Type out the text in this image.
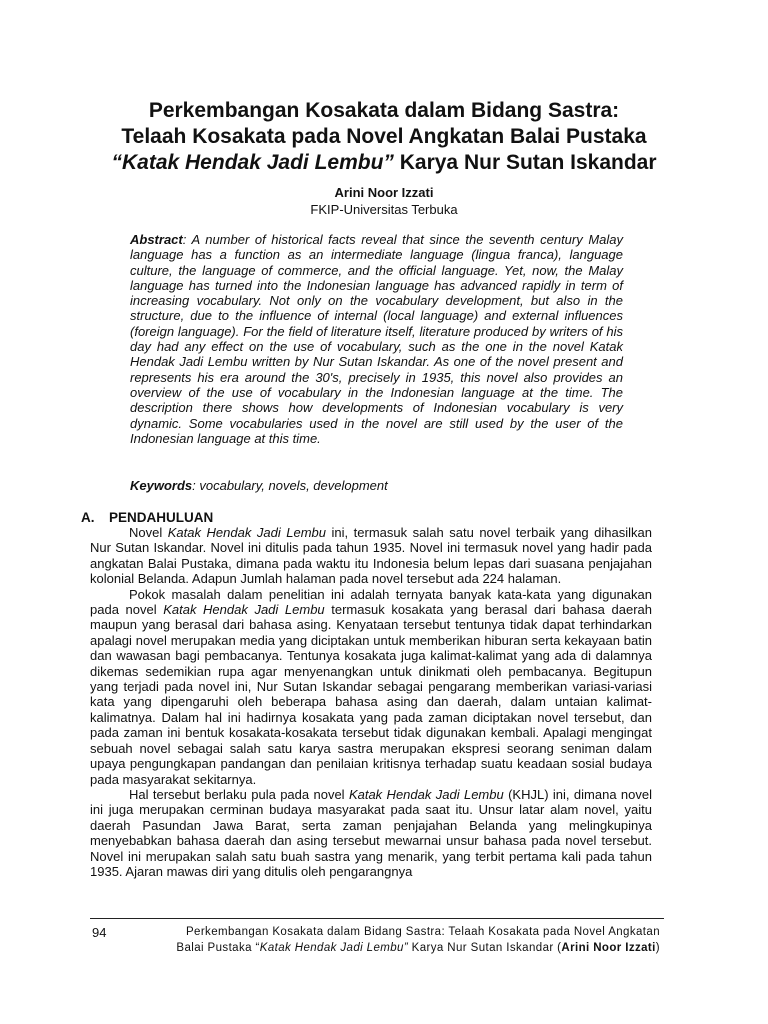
Perkembangan Kosakata dalam Bidang Sastra:
Telaah Kosakata pada Novel Angkatan Balai Pustaka
“Katak Hendak Jadi Lembu” Karya Nur Sutan Iskandar
Arini Noor Izzati
FKIP-Universitas Terbuka
Abstract: A number of historical facts reveal that since the seventh century Malay language has a function as an intermediate language (lingua franca), language culture, the language of commerce, and the official language. Yet, now, the Malay language has turned into the Indonesian language has advanced rapidly in term of increasing vocabulary. Not only on the vocabulary development, but also in the structure, due to the influence of internal (local language) and external influences (foreign language). For the field of literature itself, literature produced by writers of his day had any effect on the use of vocabulary, such as the one in the novel Katak Hendak Jadi Lembu written by Nur Sutan Iskandar. As one of the novel present and represents his era around the 30's, precisely in 1935, this novel also provides an overview of the use of vocabulary in the Indonesian language at the time. The description there shows how developments of Indonesian vocabulary is very dynamic. Some vocabularies used in the novel are still used by the user of the Indonesian language at this time.
Keywords: vocabulary, novels, development
A. PENDAHULUAN

Novel Katak Hendak Jadi Lembu ini, termasuk salah satu novel terbaik yang dihasilkan Nur Sutan Iskandar. Novel ini ditulis pada tahun 1935. Novel ini termasuk novel yang hadir pada angkatan Balai Pustaka, dimana pada waktu itu Indonesia belum lepas dari suasana penjajahan kolonial Belanda. Adapun Jumlah halaman pada novel tersebut ada 224 halaman.

Pokok masalah dalam penelitian ini adalah ternyata banyak kata-kata yang digunakan pada novel Katak Hendak Jadi Lembu termasuk kosakata yang berasal dari bahasa daerah maupun yang berasal dari bahasa asing. Kenyataan tersebut tentunya tidak dapat terhindarkan apalagi novel merupakan media yang diciptakan untuk memberikan hiburan serta kekayaan batin dan wawasan bagi pembacanya. Tentunya kosakata juga kalimat-kalimat yang ada di dalamnya dikemas sedemikian rupa agar menyenangkan untuk dinikmati oleh pembacanya. Begitupun yang terjadi pada novel ini, Nur Sutan Iskandar sebagai pengarang memberikan variasi-variasi kata yang dipengaruhi oleh beberapa bahasa asing dan daerah, dalam untaian kalimat-kalimatnya. Dalam hal ini hadirnya kosakata yang pada zaman diciptakan novel tersebut, dan pada zaman ini bentuk kosakata-kosakata tersebut tidak digunakan kembali. Apalagi mengingat sebuah novel sebagai salah satu karya sastra merupakan ekspresi seorang seniman dalam upaya pengungkapan pandangan dan penilaian kritisnya terhadap suatu keadaan sosial budaya pada masyarakat sekitarnya.

Hal tersebut berlaku pula pada novel Katak Hendak Jadi Lembu (KHJL) ini, dimana novel ini juga merupakan cerminan budaya masyarakat pada saat itu. Unsur latar alam novel, yaitu daerah Pasundan Jawa Barat, serta zaman penjajahan Belanda yang melingkupinya menyebabkan bahasa daerah dan asing tersebut mewarnai unsur bahasa pada novel tersebut. Novel ini merupakan salah satu buah sastra yang menarik, yang terbit pertama kali pada tahun 1935. Ajaran mawas diri yang ditulis oleh pengarangnya

94	Perkembangan Kosakata dalam Bidang Sastra: Telaah Kosakata pada Novel Angkatan
Balai Pustaka “Katak Hendak Jadi Lembu” Karya Nur Sutan Iskandar (Arini Noor Izzati)
